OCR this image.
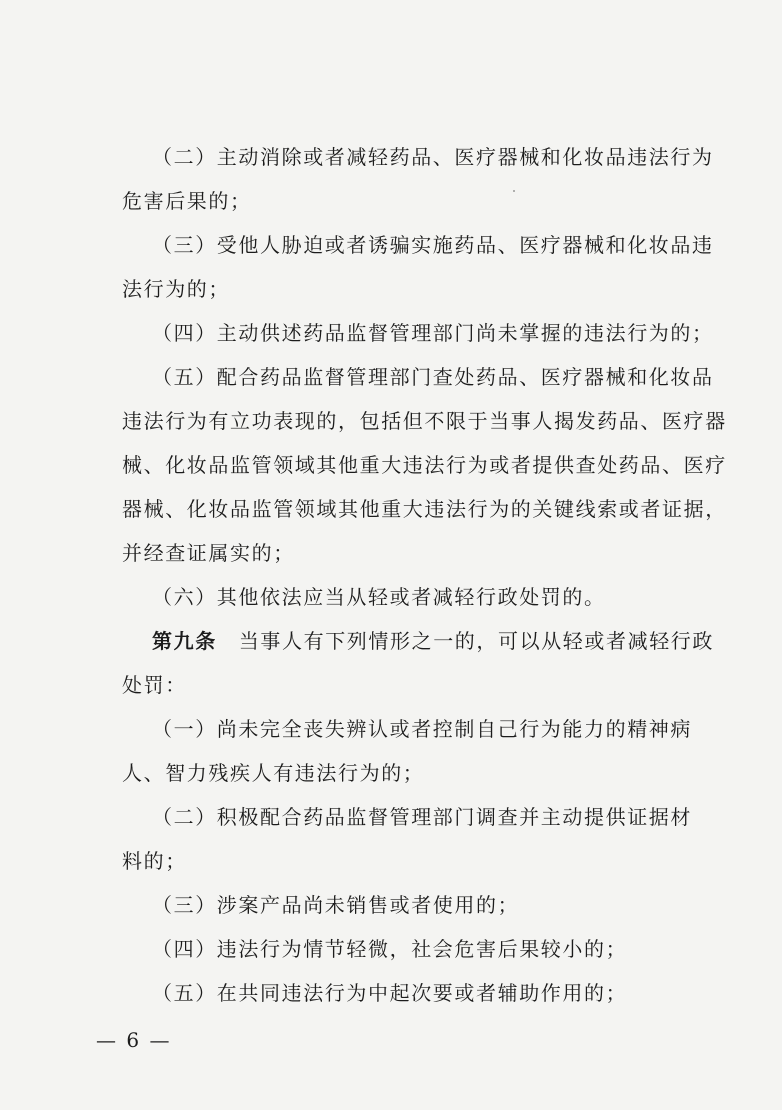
（二）主动消除或者减轻药品、医疗器械和化妆品违法行为
危害后果的；
（三）受他人胁迫或者诱骗实施药品、医疗器械和化妆品违
法行为的；
（四）主动供述药品监督管理部门尚未掌握的违法行为的；
（五）配合药品监督管理部门查处药品、医疗器械和化妆品
违法行为有立功表现的，包括但不限于当事人揭发药品、医疗器
械、化妆品监管领域其他重大违法行为或者提供查处药品、医疗
器械、化妆品监管领域其他重大违法行为的关键线索或者证据，
并经查证属实的；
（六）其他依法应当从轻或者减轻行政处罚的。
第九条 当事人有下列情形之一的，可以从轻或者减轻行政
处罚：
（一）尚未完全丧失辨认或者控制自己行为能力的精神病
人、智力残疾人有违法行为的；
（二）积极配合药品监督管理部门调查并主动提供证据材
料的；
（三）涉案产品尚未销售或者使用的；
（四）违法行为情节轻微，社会危害后果较小的；
（五）在共同违法行为中起次要或者辅助作用的；
— 6 —
